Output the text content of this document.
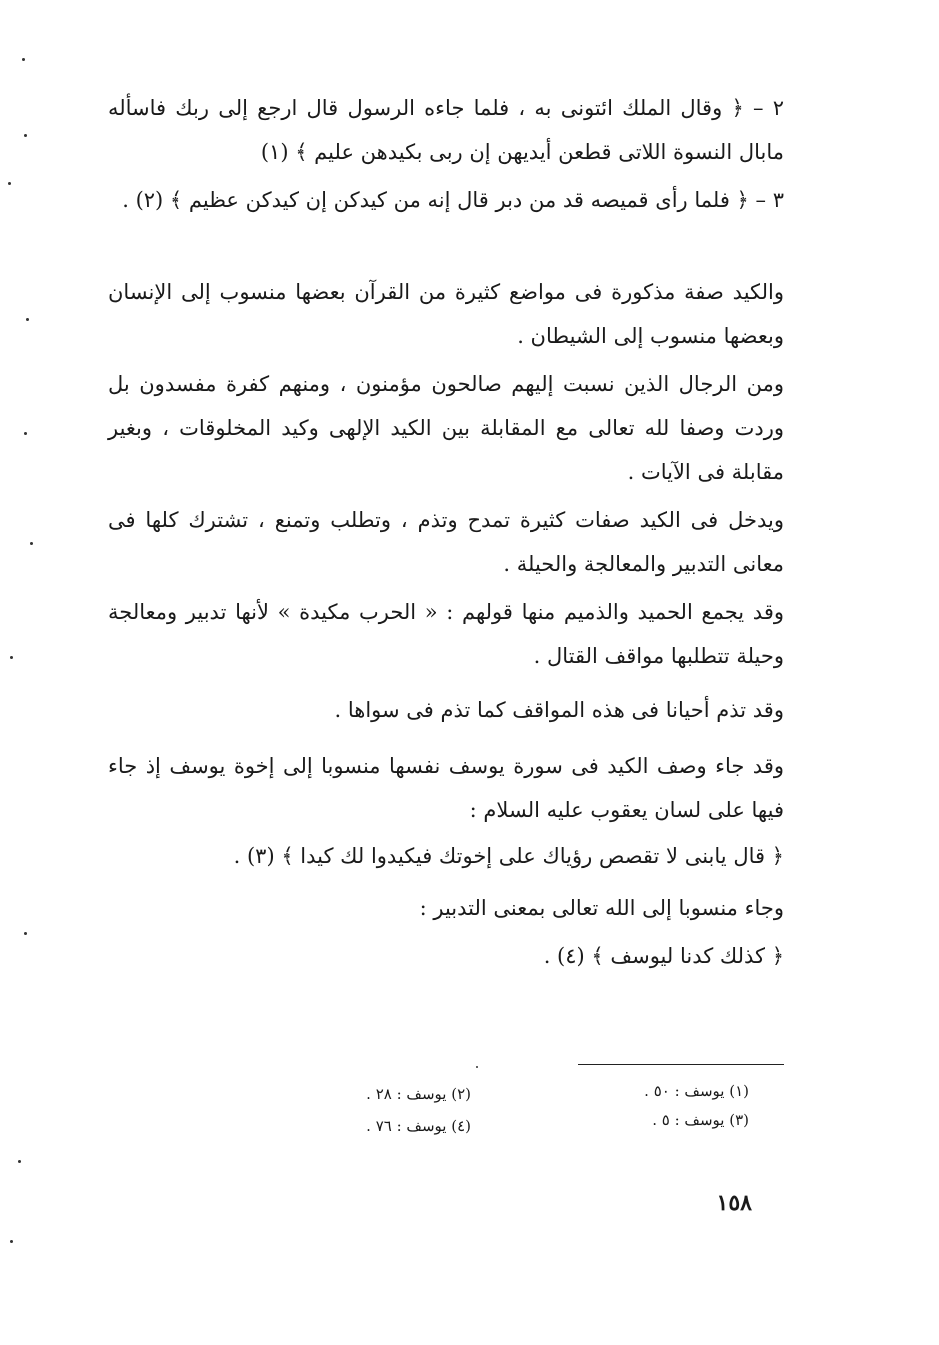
٢ – ﴿ وقال الملك ائتونى به ، فلما جاءه الرسول قال ارجع إلى ربك فاسأله مابال النسوة اللاتى قطعن أيديهن إن ربى بكيدهن عليم ﴾ (١)
٣ – ﴿ فلما رأى قميصه قد من دبر قال إنه من كيدكن إن كيدكن عظيم ﴾ (٢) .
والكيد صفة مذكورة فى مواضع كثيرة من القرآن بعضها منسوب إلى الإنسان وبعضها منسوب إلى الشيطان .
ومن الرجال الذين نسبت إليهم صالحون مؤمنون ، ومنهم كفرة مفسدون بل وردت وصفا لله تعالى مع المقابلة بين الكيد الإلهى وكيد المخلوقات ، وبغير مقابلة فى الآيات .
ويدخل فى الكيد صفات كثيرة تمدح وتذم ، وتطلب وتمنع ، تشترك كلها فى معانى التدبير والمعالجة والحيلة .
وقد يجمع الحميد والذميم منها قولهم : « الحرب مكيدة » لأنها تدبير ومعالجة وحيلة تتطلبها مواقف القتال .
وقد تذم أحيانا فى هذه المواقف كما تذم فى سواها .
وقد جاء وصف الكيد فى سورة يوسف نفسها منسوبا إلى إخوة يوسف إذ جاء فيها على لسان يعقوب عليه السلام :
﴿ قال يابنى لا تقصص رؤياك على إخوتك فيكيدوا لك كيدا ﴾ (٣) .
وجاء منسوبا إلى الله تعالى بمعنى التدبير :
﴿ كذلك كدنا ليوسف ﴾ (٤) .
(١) يوسف : ٥٠ .
(٣) يوسف : ٥ .
(٢) يوسف : ٢٨ .
(٤) يوسف : ٧٦ .
١٥٨
